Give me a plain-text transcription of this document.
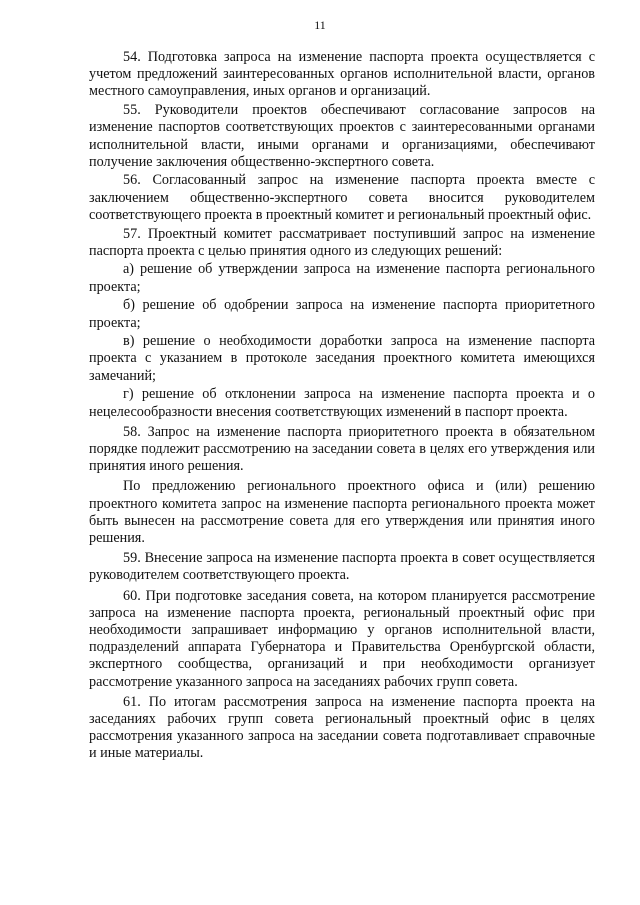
11

54. Подготовка запроса на изменение паспорта проекта осуществляется с учетом предложений заинтересованных органов исполнительной власти, органов местного самоуправления, иных органов и организаций.

55. Руководители проектов обеспечивают согласование запросов на изменение паспортов соответствующих проектов с заинтересованными органами исполнительной власти, иными органами и организациями, обеспечивают получение заключения общественно-экспертного совета.

56. Согласованный запрос на изменение паспорта проекта вместе с заключением общественно-экспертного совета вносится руководителем соответствующего проекта в проектный комитет и региональный проектный офис.

57. Проектный комитет рассматривает поступивший запрос на изменение паспорта проекта с целью принятия одного из следующих решений:

а) решение об утверждении запроса на изменение паспорта регионального проекта;

б) решение об одобрении запроса на изменение паспорта приоритетного проекта;

в) решение о необходимости доработки запроса на изменение паспорта проекта с указанием в протоколе заседания проектного комитета имеющихся замечаний;

г) решение об отклонении запроса на изменение паспорта проекта и о нецелесообразности внесения соответствующих изменений в паспорт проекта.

58. Запрос на изменение паспорта приоритетного проекта в обязательном порядке подлежит рассмотрению на заседании совета в целях его утверждения или принятия иного решения.

По предложению регионального проектного офиса и (или) решению проектного комитета запрос на изменение паспорта регионального проекта может быть вынесен на рассмотрение совета для его утверждения или принятия иного решения.

59. Внесение запроса на изменение паспорта проекта в совет осуществляется руководителем соответствующего проекта.

60. При подготовке заседания совета, на котором планируется рассмотрение запроса на изменение паспорта проекта, региональный проектный офис при необходимости запрашивает информацию у органов исполнительной власти, подразделений аппарата Губернатора и Правительства Оренбургской области, экспертного сообщества, организаций и при необходимости организует рассмотрение указанного запроса на заседаниях рабочих групп совета.

61. По итогам рассмотрения запроса на изменение паспорта проекта на заседаниях рабочих групп совета региональный проектный офис в целях рассмотрения указанного запроса на заседании совета подготавливает справочные и иные материалы.
